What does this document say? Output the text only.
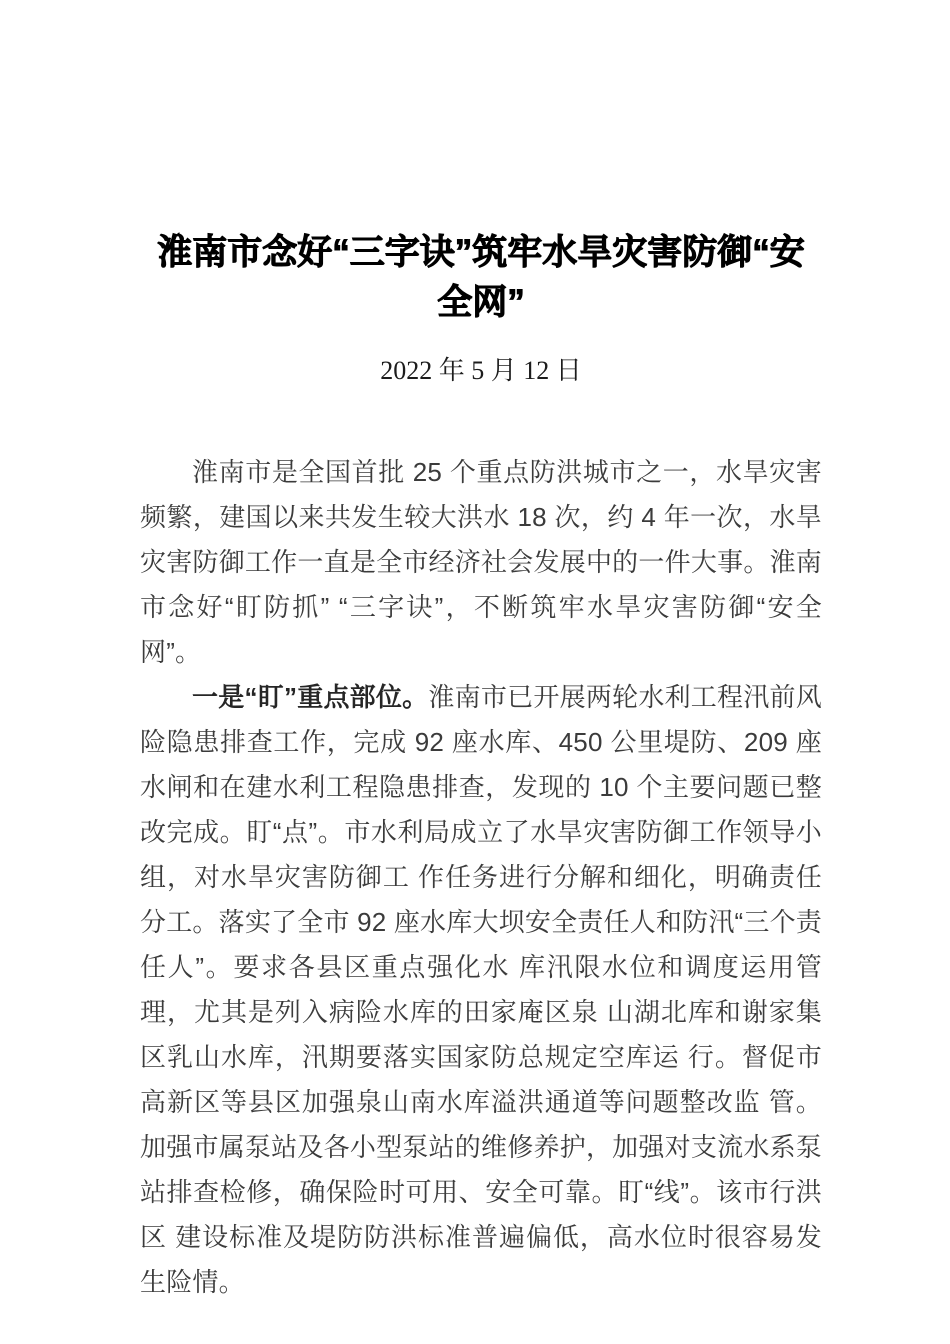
淮南市念好“三字诀”筑牢水旱灾害防御“安全网”
2022 年 5 月 12 日

淮南市是全国首批 25 个重点防洪城市之一，水旱灾害频繁，建国以来共发生较大洪水 18 次，约 4 年一次，水旱灾害防御工作一直是全市经济社会发展中的一件大事。淮南市念好“盯防抓” “三字诀”，不断筑牢水旱灾害防御“安全网”。

一是“盯”重点部位。淮南市已开展两轮水利工程汛前风险隐患排查工作，完成 92 座水库、450 公里堤防、209 座水闸和在建水利工程隐患排查，发现的 10 个主要问题已整改完成。盯“点”。市水利局成立了水旱灾害防御工作领导小组，对水旱灾害防御工 作任务进行分解和细化，明确责任分工。落实了全市 92 座水库大坝安全责任人和防汛“三个责任人”。要求各县区重点强化水 库汛限水位和调度运用管理，尤其是列入病险水库的田家庵区泉 山湖北库和谢家集区乳山水库，汛期要落实国家防总规定空库运 行。督促市高新区等县区加强泉山南水库溢洪通道等问题整改监 管。加强市属泵站及各小型泵站的维修养护，加强对支流水系泵 站排查检修，确保险时可用、安全可靠。盯“线”。该市行洪区 建设标准及堤防防洪标准普遍偏低，高水位时很容易发生险情。
